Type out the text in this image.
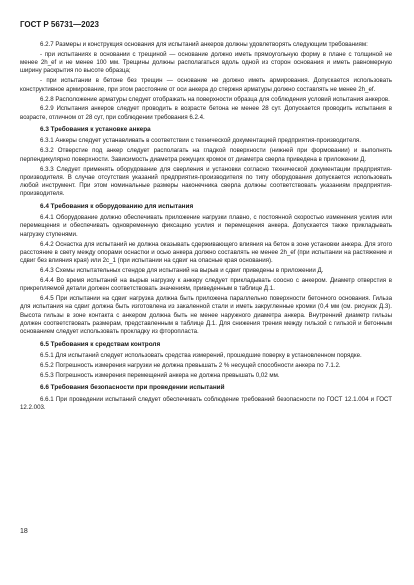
ГОСТ Р 56731—2023

6.2.7 Размеры и конструкция основания для испытаний анкеров должны удовлетворять следующим требованиям:

- при испытаниях в основании с трещиной — основание должно иметь прямоугольную форму в плане с толщиной не менее 2h_ef и не менее 100 мм. Трещины должны располагаться вдоль одной из сторон основания и иметь равномерную ширину раскрытия по высоте образца;

- при испытании в бетоне без трещин — основание не должно иметь армирования. Допускается использовать конструктивное армирование, при этом расстояние от оси анкера до стержня арматуры должно составлять не менее 2h_ef.

6.2.8 Расположение арматуры следует отображать на поверхности образца для соблюдения условий испытания анкеров.

6.2.9 Испытания анкеров следует проводить в возрасте бетона не менее 28 сут. Допускается проводить испытания в возрасте, отличном от 28 сут, при соблюдении требования 6.2.4.

6.3 Требования к установке анкера

6.3.1 Анкеры следует устанавливать в соответствии с технической документацией предприятия-производителя.

6.3.2 Отверстие под анкер следует располагать на гладкой поверхности (нижней при формовании) и выполнять перпендикулярно поверхности. Зависимость диаметра режущих кромок от диаметра сверла приведена в приложении Д.

6.3.3 Следует применять оборудование для сверления и установки согласно технической документации предприятия-производителя. В случае отсутствия указаний предприятия-производителя по типу оборудования допускается использовать любой инструмент. При этом номинальные размеры наконечника сверла должны соответствовать указаниям предприятия-производителя.

6.4 Требования к оборудованию для испытания

6.4.1 Оборудование должно обеспечивать приложение нагрузки плавно, с постоянной скоростью изменения усилия или перемещения и обеспечивать одновременную фиксацию усилия и перемещения анкера. Допускается также прикладывать нагрузку ступенями.

6.4.2 Оснастка для испытаний не должна оказывать сдерживающего влияния на бетон в зоне установки анкера. Для этого расстояние в свету между опорами оснастки и осью анкера должно составлять не менее 2h_ef (при испытании на растяжение и сдвиг без влияния края) или 2c_1 (при испытании на сдвиг на опасные края основания).

6.4.3 Схемы испытательных стендов для испытаний на вырыв и сдвиг приведены в приложении Д.

6.4.4 Во время испытаний на вырыв нагрузку к анкеру следует прикладывать соосно с анкером. Диаметр отверстия в прикрепляемой детали должен соответствовать значениям, приведенным в таблице Д.1.

6.4.5 При испытании на сдвиг нагрузка должна быть приложена параллельно поверхности бетонного основания. Гильза для испытания на сдвиг должна быть изготовлена из закаленной стали и иметь закругленные кромки (0,4 мм (см. рисунок Д.3). Высота гильзы в зоне контакта с анкером должна быть не менее наружного диаметра анкера. Внутренний диаметр гильзы должен соответствовать размерам, представленным в таблице Д.1. Для снижения трения между гильзой с гильзой и бетонным основанием следует использовать прокладку из фторопласта.

6.5 Требования к средствам контроля

6.5.1 Для испытаний следует использовать средства измерений, прошедшие поверку в установленном порядке.

6.5.2 Погрешность измерения нагрузки не должна превышать 2 % несущей способности анкера по 7.1.2.

6.5.3 Погрешность измерения перемещений анкера не должна превышать 0,02 мм.

6.6 Требования безопасности при проведении испытаний

6.6.1 При проведении испытаний следует обеспечивать соблюдение требований безопасности по ГОСТ 12.1.004 и ГОСТ 12.2.003.

18
